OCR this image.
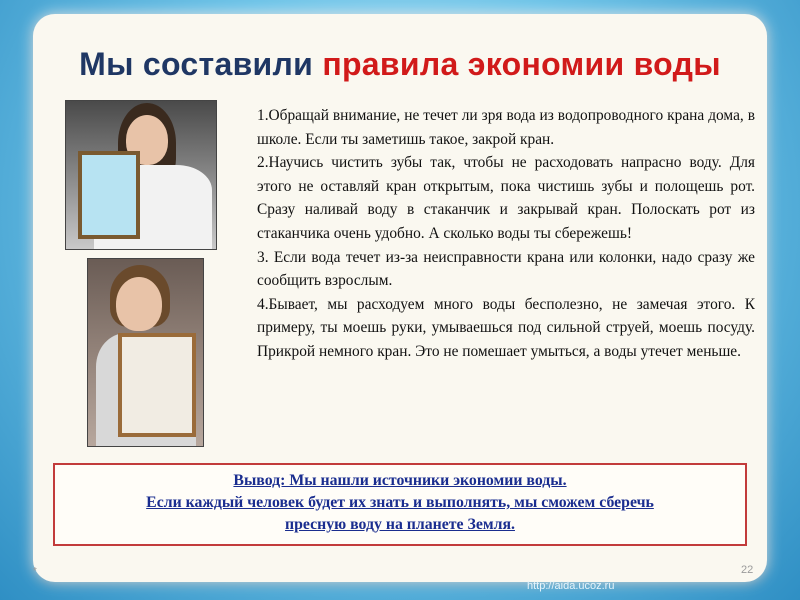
Мы составили правила экономии воды

1.Обращай внимание, не течет ли зря вода из водопроводного крана дома, в школе. Если ты заметишь такое, закрой кран.

2.Научись чистить зубы так, чтобы не расходовать напрасно воду. Для этого не оставляй кран открытым, пока чистишь зубы и полощешь рот. Сразу наливай воду в стаканчик и закрывай кран. Полоскать рот из стаканчика очень удобно. А сколько воды ты сбережешь!

3. Если вода течет из-за неисправности крана или колонки, надо сразу же сообщить взрослым.

4.Бывает, мы расходуем много воды бесполезно, не замечая этого. К примеру, ты моешь руки, умываешься под сильной струей, моешь посуду. Прикрой немного кран. Это не помешает умыться, а воды утечет меньше.

Вывод: Мы нашли источники экономии воды.
Если каждый человек будет их знать и выполнять, мы сможем сберечь
пресную воду на планете Земля.
*	22
http://aida.ucoz.ru
